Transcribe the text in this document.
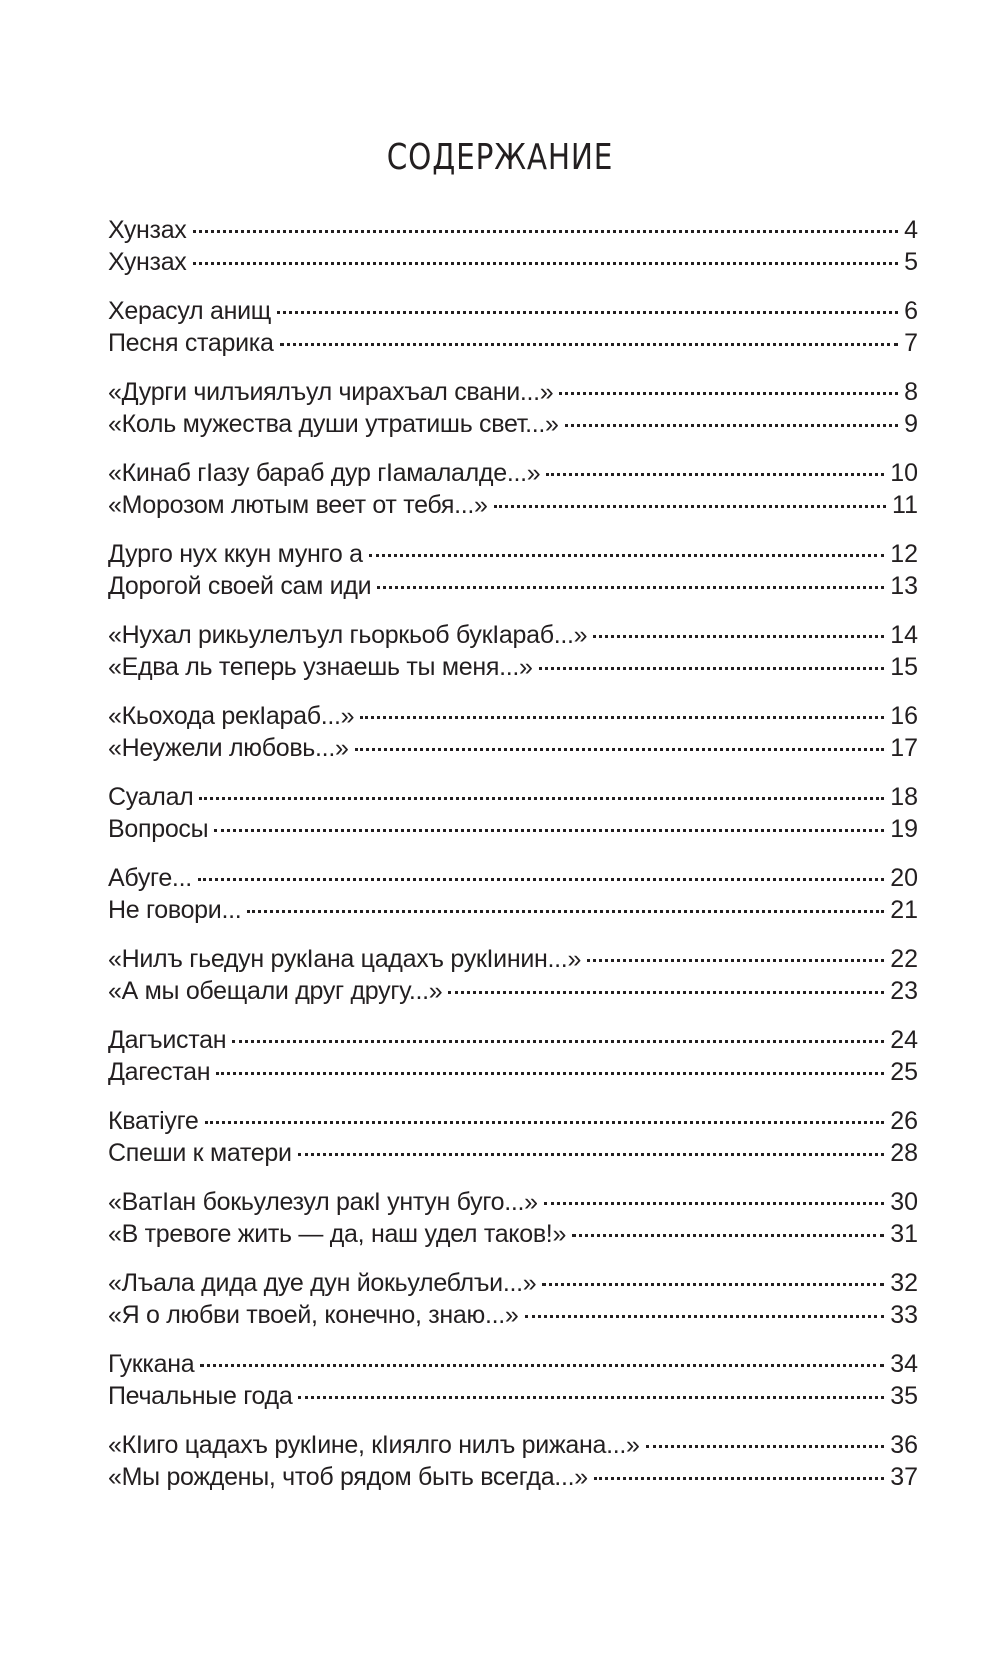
СОДЕРЖАНИЕ
Хунзах	4
Хунзах	5
Херасул анищ	6
Песня старика	7
«Дурги чилъиялъул чирахъал свани...»	8
«Коль мужества души утратишь свет...»	9
«Кинаб гIазу бараб дур гIамалалде...»	10
«Морозом лютым веет от тебя...»	11
Дурго нух ккун мунго а	12
Дорогой своей сам иди	13
«Нухал рикьулелъул гьоркьоб букIараб...»	14
«Едва ль теперь узнаешь ты меня...»	15
«Кьохода рекIараб...»	16
«Неужели любовь...»	17
Суалал	18
Вопросы	19
Абуге...	20
Не говори...	21
«Нилъ гьедун рукIана цадахъ рукIинин...»	22
«А мы обещали друг другу...»	23
Дагъистан	24
Дагестан	25
Кватiуге	26
Спеши к матери	28
«ВатIан бокьулезул ракI унтун буго...»	30
«В тревоге жить — да, наш удел таков!»	31
«Лъала дида дуе дун йокьулеблъи...»	32
«Я о любви твоей, конечно, знаю...»	33
Гуккана	34
Печальные года	35
«КIиго цадахъ рукIине, кIиялго нилъ рижана...»	36
«Мы рождены, чтоб рядом быть всегда...»	37
